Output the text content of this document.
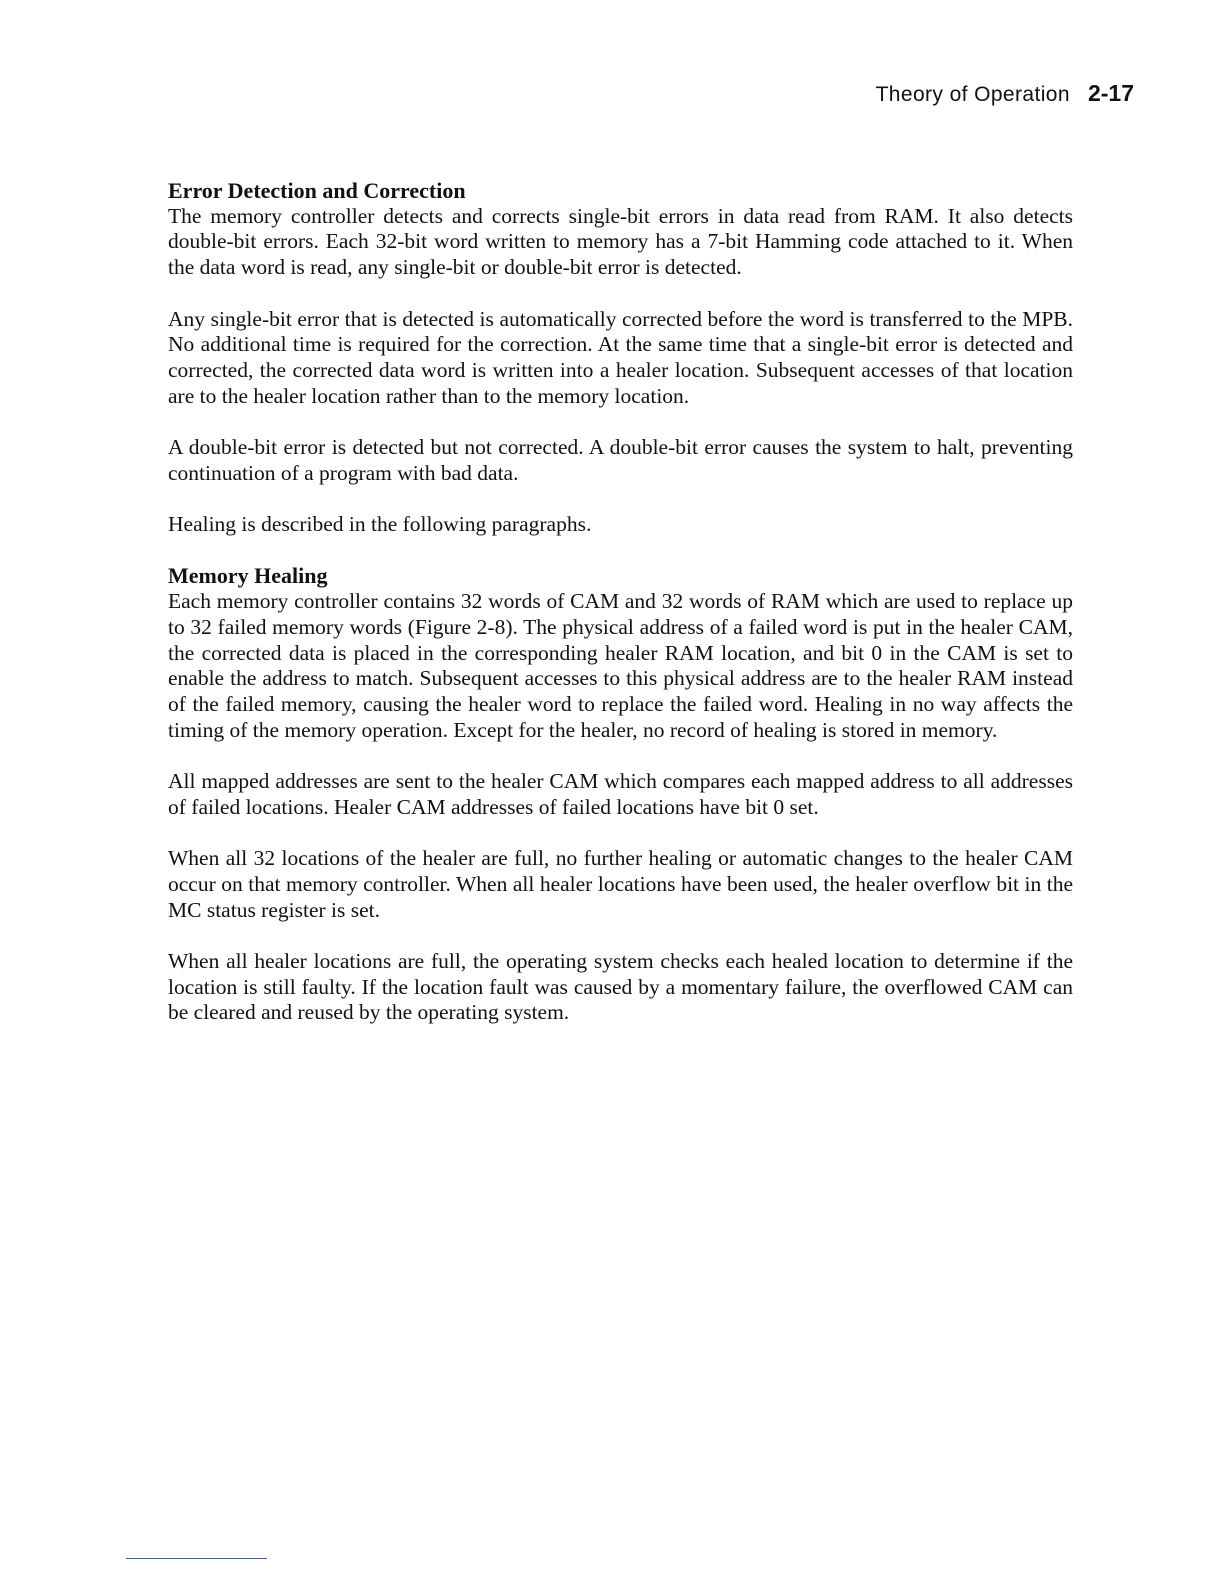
Theory of Operation 2-17
Error Detection and Correction

The memory controller detects and corrects single-bit errors in data read from RAM. It also detects double-bit errors. Each 32-bit word written to memory has a 7-bit Hamming code attached to it. When the data word is read, any single-bit or double-bit error is detected.

Any single-bit error that is detected is automatically corrected before the word is transferred to the MPB. No additional time is required for the correction. At the same time that a single-bit error is detected and corrected, the corrected data word is written into a healer location. Subsequent accesses of that location are to the healer location rather than to the memory location.

A double-bit error is detected but not corrected. A double-bit error causes the system to halt, preventing continuation of a program with bad data.

Healing is described in the following paragraphs.

Memory Healing

Each memory controller contains 32 words of CAM and 32 words of RAM which are used to replace up to 32 failed memory words (Figure 2-8). The physical address of a failed word is put in the healer CAM, the corrected data is placed in the corresponding healer RAM location, and bit 0 in the CAM is set to enable the address to match. Subsequent accesses to this physical address are to the healer RAM instead of the failed memory, causing the healer word to replace the failed word. Healing in no way affects the timing of the memory operation. Except for the healer, no record of healing is stored in memory.

All mapped addresses are sent to the healer CAM which compares each mapped address to all addresses of failed locations. Healer CAM addresses of failed locations have bit 0 set.

When all 32 locations of the healer are full, no further healing or automatic changes to the healer CAM occur on that memory controller. When all healer locations have been used, the healer overflow bit in the MC status register is set.

When all healer locations are full, the operating system checks each healed location to determine if the location is still faulty. If the location fault was caused by a momentary failure, the overflowed CAM can be cleared and reused by the operating system.
